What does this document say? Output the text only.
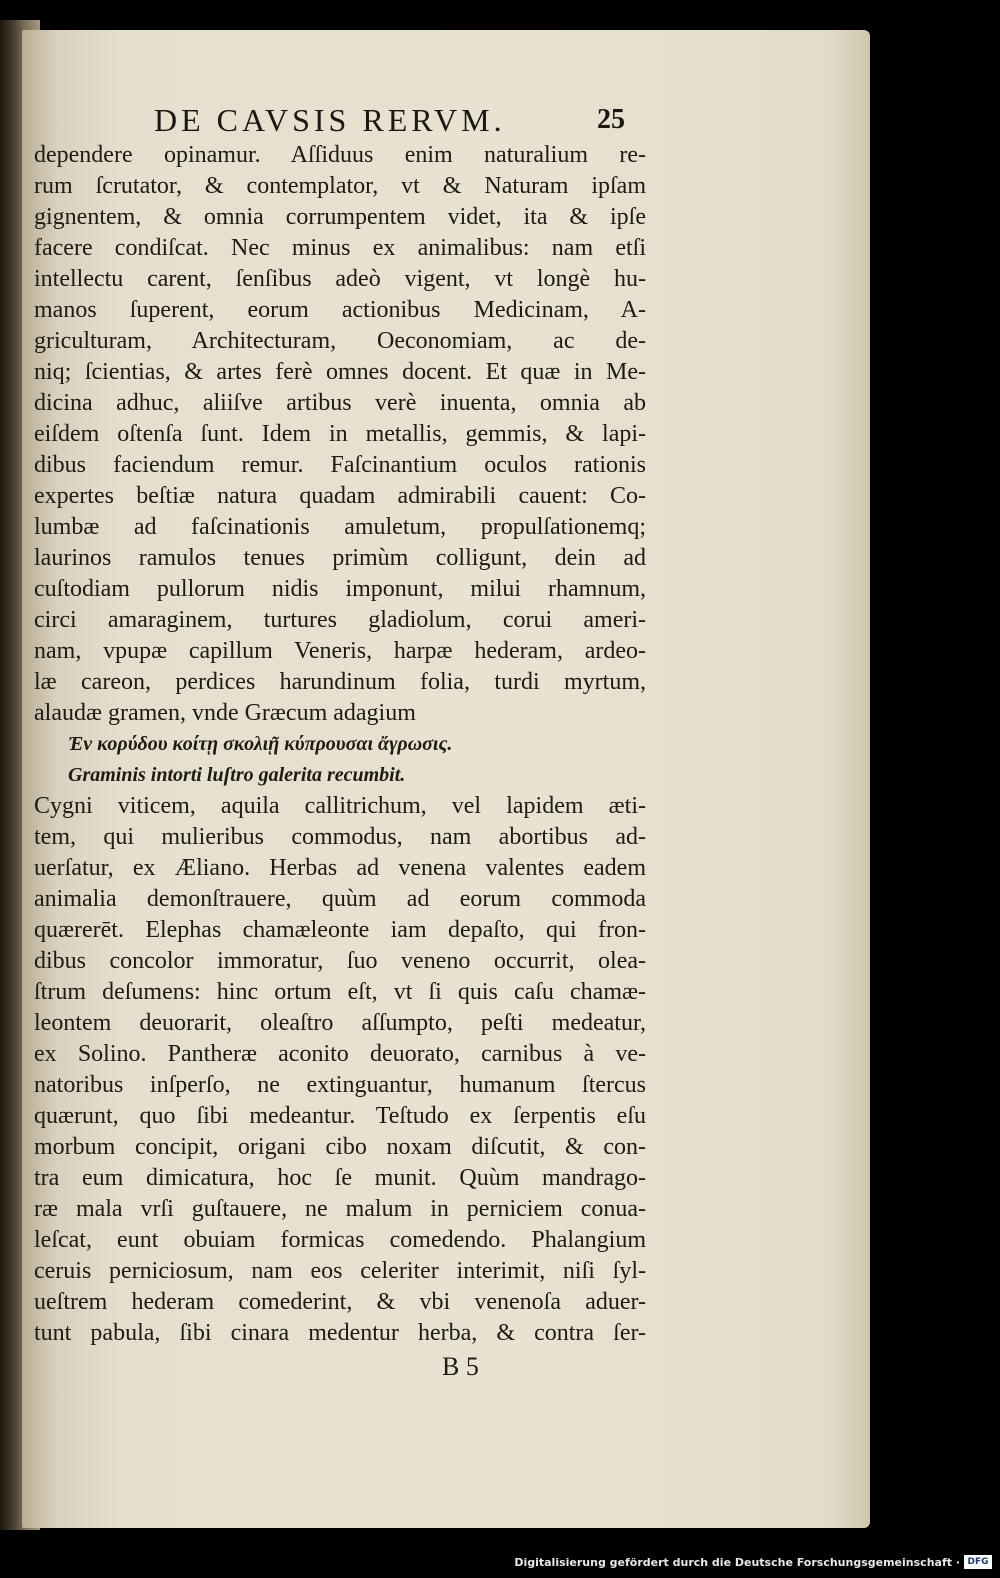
DE CAVSIS RERVM.	25
dependere opinamur. Aſſiduus enim naturalium re-
rum ſcrutator, & contemplator, vt & Naturam ipſam
gignentem, & omnia corrumpentem videt, ita & ipſe
facere condiſcat. Nec minus ex animalibus: nam etſi
intellectu carent, ſenſibus adeò vigent, vt longè hu-
manos ſuperent, eorum actionibus Medicinam, A-
griculturam, Architecturam, Oeconomiam, ac de-
niq; ſcientias, & artes ferè omnes docent. Et quæ in Me-
dicina adhuc, aliiſve artibus verè inuenta, omnia ab
eiſdem oſtenſa ſunt. Idem in metallis, gemmis, & lapi-
dibus faciendum remur. Faſcinantium oculos rationis
expertes beſtiæ natura quadam admirabili cauent: Co-
lumbæ ad faſcinationis amuletum, propulſationemq;
laurinos ramulos tenues primùm colligunt, dein ad
cuſtodiam pullorum nidis imponunt, milui rhamnum,
circi amaraginem, turtures gladiolum, corui ameri-
nam, vpupæ capillum Veneris, harpæ hederam, ardeo-
læ careon, perdices harundinum folia, turdi myrtum,
alaudæ gramen, vnde Græcum adagium
Ἐν κορύδου κοίτῃ σκολιῇ κύπρουσαι ἄγρωσις.
Graminis intorti luſtro galerita recumbit.
Cygni viticem, aquila callitrichum, vel lapidem æti-
tem, qui mulieribus commodus, nam abortibus ad-
uerſatur, ex Æliano. Herbas ad venena valentes eadem
animalia demonſtrauere, quùm ad eorum commoda
quærerēt. Elephas chamæleonte iam depaſto, qui fron-
dibus concolor immoratur, ſuo veneno occurrit, olea-
ſtrum deſumens: hinc ortum eſt, vt ſi quis caſu chamæ-
leontem deuorarit, oleaſtro aſſumpto, peſti medeatur,
ex Solino. Pantheræ aconito deuorato, carnibus à ve-
natoribus inſperſo, ne extinguantur, humanum ſtercus
quærunt, quo ſibi medeantur. Teſtudo ex ſerpentis eſu
morbum concipit, origani cibo noxam diſcutit, & con-
tra eum dimicatura, hoc ſe munit. Quùm mandrago-
ræ mala vrſi guſtauere, ne malum in perniciem conua-
leſcat, eunt obuiam formicas comedendo. Phalangium
ceruis perniciosum, nam eos celeriter interimit, niſi ſyl-
ueſtrem hederam comederint, & vbi venenoſa aduer-
tunt pabula, ſibi cinara medentur herba, & contra ſer-
B 5
Digitalisierung gefördert durch die Deutsche Forschungsgemeinschaft · DFG
